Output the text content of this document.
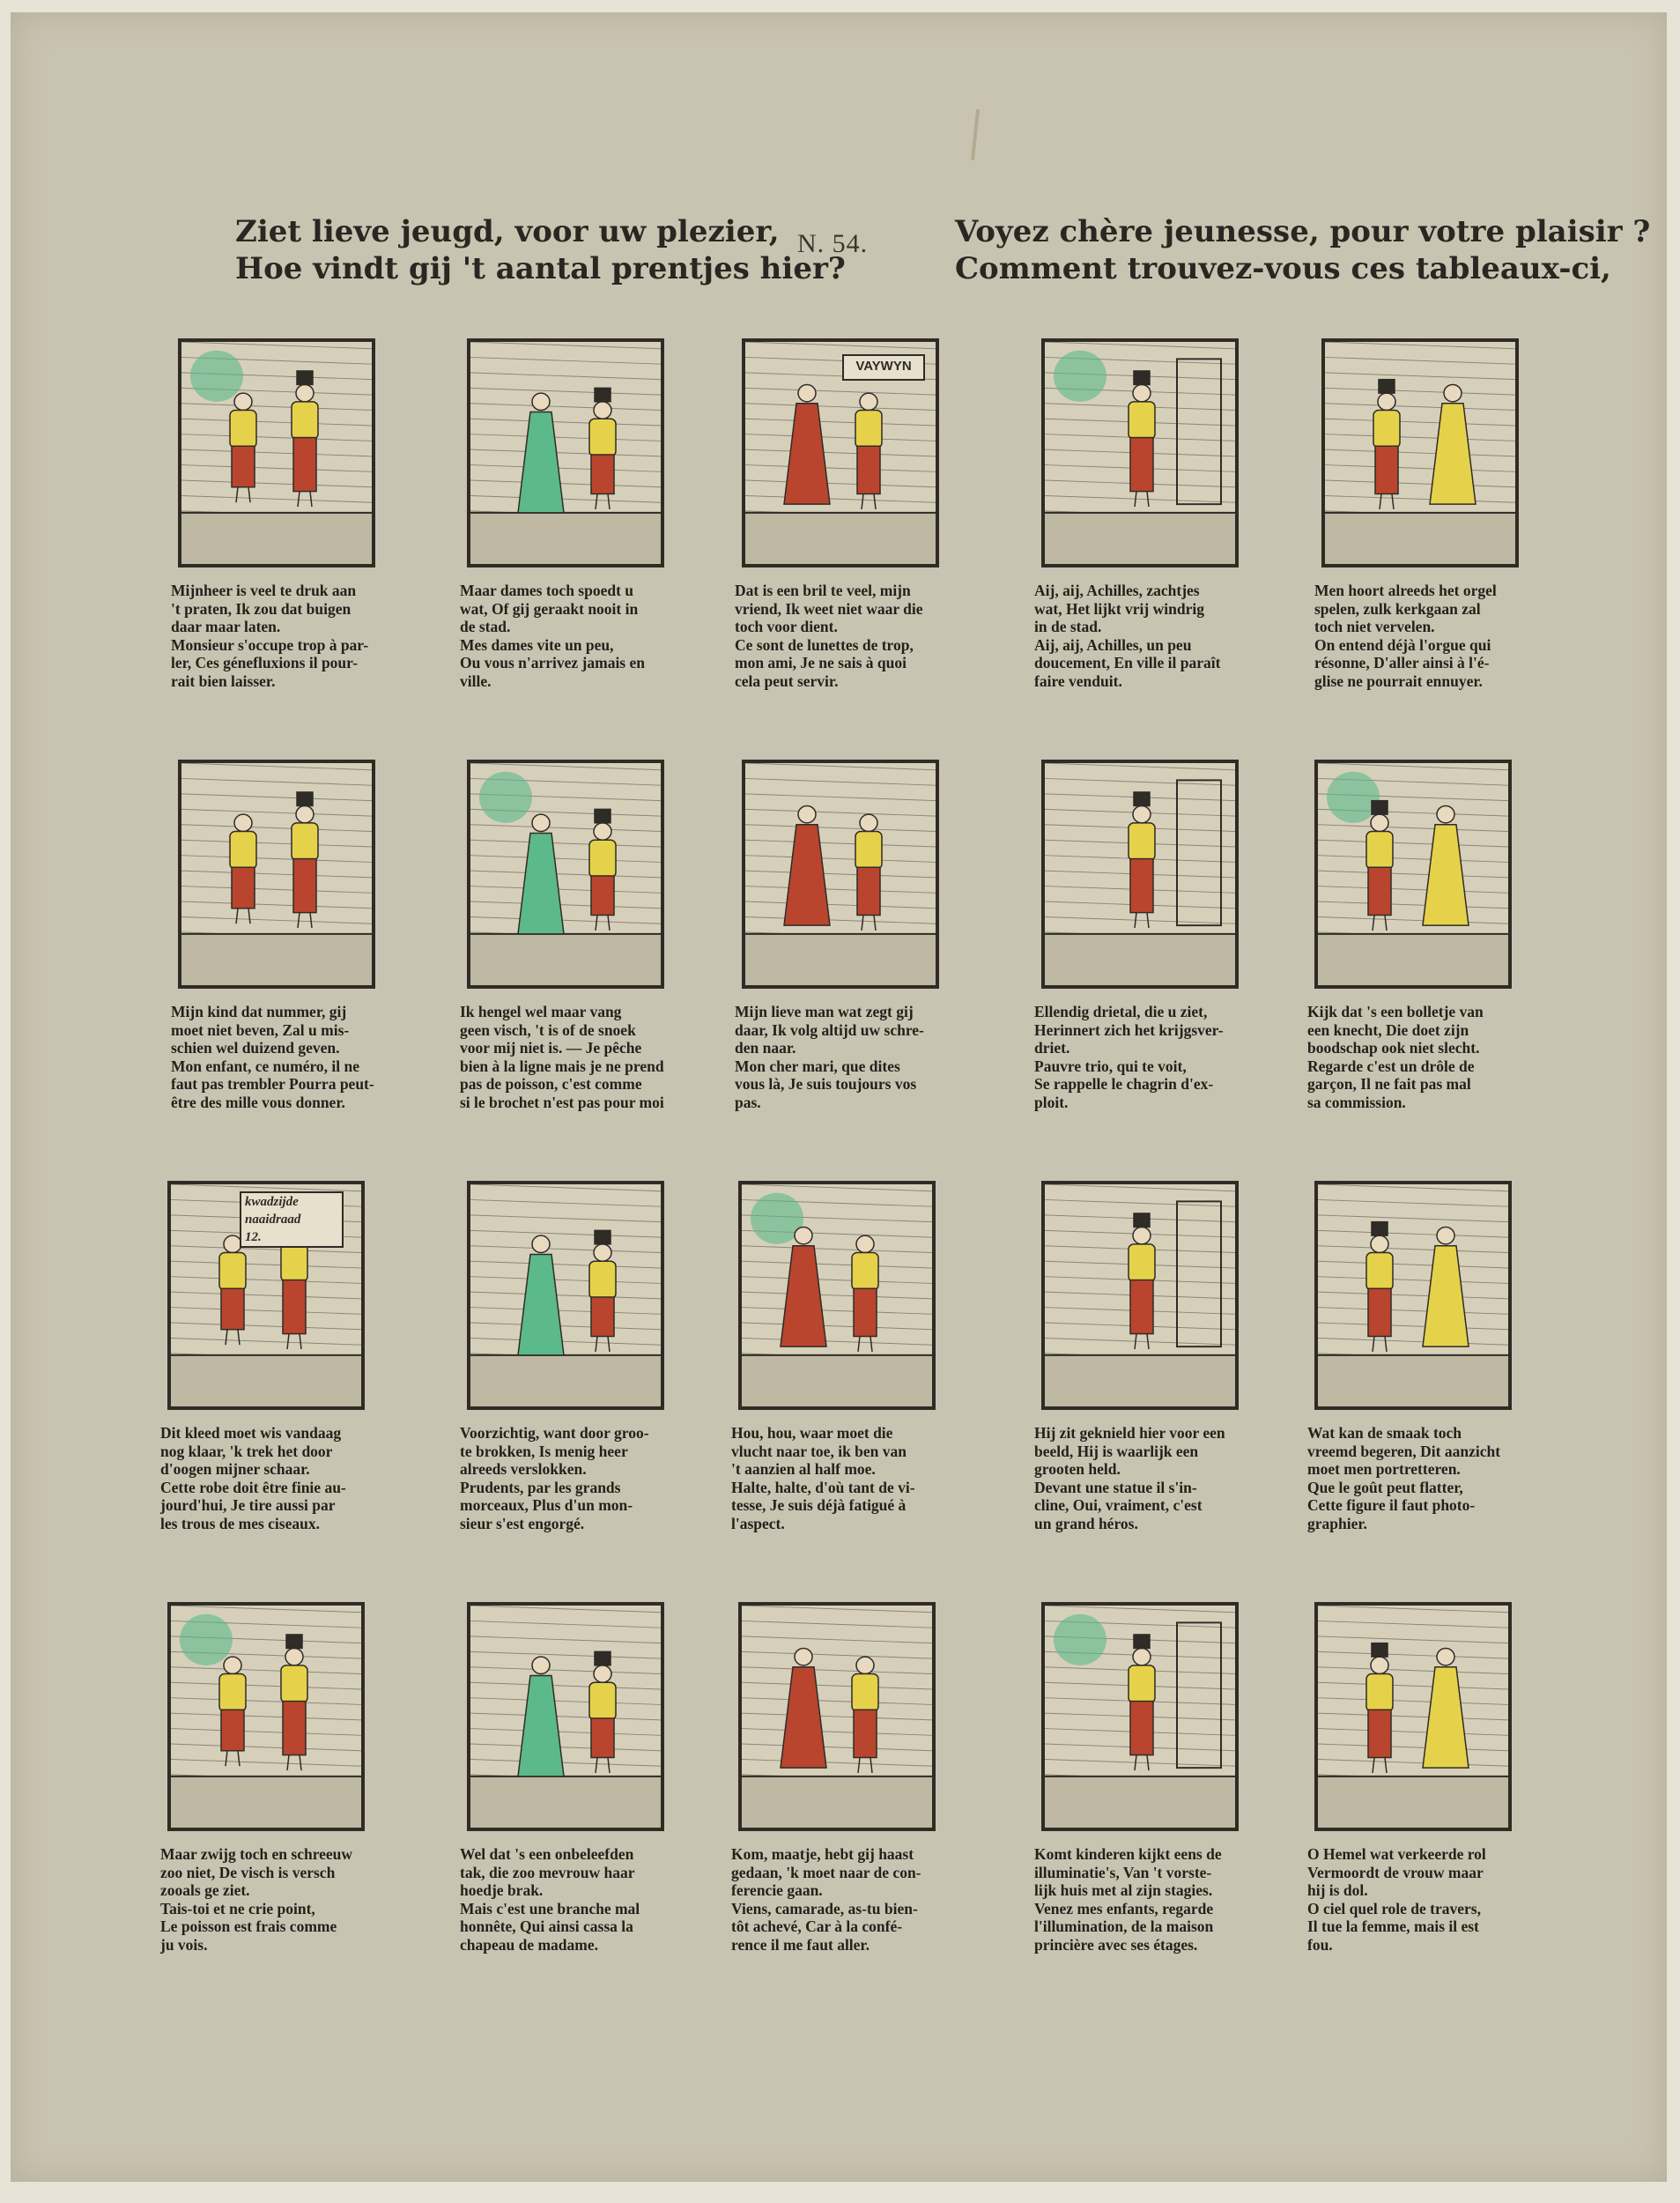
Ziet lieve jeugd, voor uw plezier,
Hoe vindt gij 't aantal prentjes hier?
N. 54.	Voyez chère jeunesse, pour votre plaisir ?
Comment trouvez-vous ces tableaux-ci,
Mijnheer is veel te druk aan
't praten, Ik zou dat buigen
daar maar laten.
Monsieur s'occupe trop à par-
ler, Ces génefluxions il pour-
rait bien laisser.
Maar dames toch spoedt u
wat, Of gij geraakt nooit in
de stad.
Mes dames vite un peu,
Ou vous n'arrivez jamais en
ville.
VAYWYN
Dat is een bril te veel, mijn
vriend, Ik weet niet waar die
toch voor dient.
Ce sont de lunettes de trop,
mon ami, Je ne sais à quoi
cela peut servir.
Aij, aij, Achilles, zachtjes
wat, Het lijkt vrij windrig
in de stad.
Aij, aij, Achilles, un peu
doucement, En ville il paraît
faire venduit.
Men hoort alreeds het orgel
spelen, zulk kerkgaan zal
toch niet vervelen.
On entend déjà l'orgue qui
résonne, D'aller ainsi à l'é-
glise ne pourrait ennuyer.
Mijn kind dat nummer, gij
moet niet beven, Zal u mis-
schien wel duizend geven.
Mon enfant, ce numéro, il ne
faut pas trembler Pourra peut-
être des mille vous donner.
Ik hengel wel maar vang
geen visch, 't is of de snoek
voor mij niet is. — Je pêche
bien à la ligne mais je ne prend
pas de poisson, c'est comme
si le brochet n'est pas pour moi
Mijn lieve man wat zegt gij
daar, Ik volg altijd uw schre-
den naar.
Mon cher mari, que dites
vous là, Je suis toujours vos
pas.
Ellendig drietal, die u ziet,
Herinnert zich het krijgsver-
driet.
Pauvre trio, qui te voit,
Se rappelle le chagrin d'ex-
ploit.
Kijk dat 's een bolletje van
een knecht, Die doet zijn
boodschap ook niet slecht.
Regarde c'est un drôle de
garçon, Il ne fait pas mal
sa commission.
kwadzijde
naaidraad
12.
Dit kleed moet wis vandaag
nog klaar, 'k trek het door
d'oogen mijner schaar.
Cette robe doit être finie au-
jourd'hui, Je tire aussi par
les trous de mes ciseaux.
Voorzichtig, want door groo-
te brokken, Is menig heer
alreeds verslokken.
Prudents, par les grands
morceaux, Plus d'un mon-
sieur s'est engorgé.
Hou, hou, waar moet die
vlucht naar toe, ik ben van
't aanzien al half moe.
Halte, halte, d'où tant de vi-
tesse, Je suis déjà fatigué à
l'aspect.
Hij zit geknield hier voor een
beeld, Hij is waarlijk een
grooten held.
Devant une statue il s'in-
cline, Oui, vraiment, c'est
un grand héros.
Wat kan de smaak toch
vreemd begeren, Dit aanzicht
moet men portretteren.
Que le goût peut flatter,
Cette figure il faut photo-
graphier.
Maar zwijg toch en schreeuw
zoo niet, De visch is versch
zooals ge ziet.
Tais-toi et ne crie point,
Le poisson est frais comme
ju vois.
Wel dat 's een onbeleefden
tak, die zoo mevrouw haar
hoedje brak.
Mais c'est une branche mal
honnête, Qui ainsi cassa la
chapeau de madame.
Kom, maatje, hebt gij haast
gedaan, 'k moet naar de con-
ferencie gaan.
Viens, camarade, as-tu bien-
tôt achevé, Car à la confé-
rence il me faut aller.
Komt kinderen kijkt eens de
illuminatie's, Van 't vorste-
lijk huis met al zijn stagies.
Venez mes enfants, regarde
l'illumination, de la maison
princière avec ses étages.
O Hemel wat verkeerde rol
Vermoordt de vrouw maar
hij is dol.
O ciel quel role de travers,
Il tue la femme, mais il est
fou.
